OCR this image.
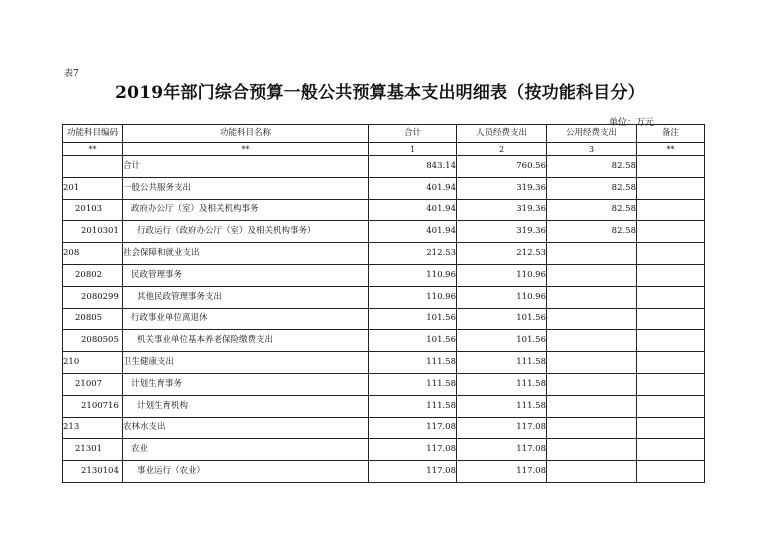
表7
2019年部门综合预算一般公共预算基本支出明细表（按功能科目分）
单位：万元
功能科目编码	功能科目名称	合计	人员经费支出	公用经费支出	备注
**	**	1	2	3	**
	合计	843.14	760.56	82.58	
201	一般公共服务支出	401.94	319.36	82.58	
20103	政府办公厅（室）及相关机构事务	401.94	319.36	82.58	
2010301	行政运行（政府办公厅（室）及相关机构事务）	401.94	319.36	82.58	
208	社会保障和就业支出	212.53	212.53		
20802	民政管理事务	110.96	110.96		
2080299	其他民政管理事务支出	110.96	110.96		
20805	行政事业单位离退休	101.56	101.56		
2080505	机关事业单位基本养老保险缴费支出	101.56	101.56		
210	卫生健康支出	111.58	111.58		
21007	计划生育事务	111.58	111.58		
2100716	计划生育机构	111.58	111.58		
213	农林水支出	117.08	117.08		
21301	农业	117.08	117.08		
2130104	事业运行（农业）	117.08	117.08		
